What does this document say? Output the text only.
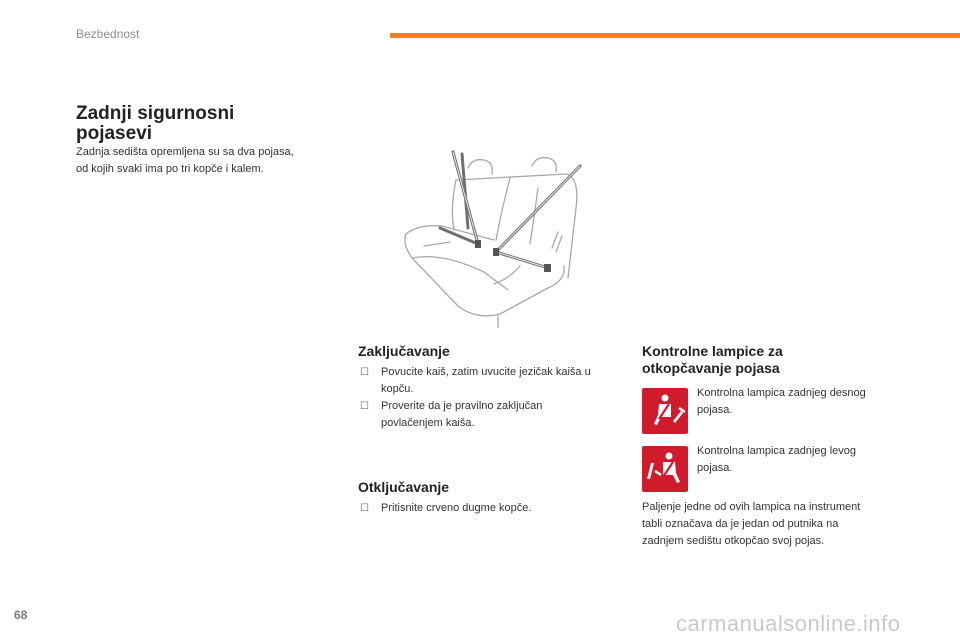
Bezbednost
Zadnji sigurnosni
pojasevi
Zadnja sedišta opremljena su sa dva pojasa,
od kojih svaki ima po tri kopče i kalem.
Zaključavanje
☐ Povucite kaiš, zatim uvucite jezičak kaiša u
kopču.
☐ Proverite da je pravilno zaključan
povlačenjem kaiša.
Otključavanje
☐ Pritisnite crveno dugme kopče.
Kontrolne lampice za
otkopčavanje pojasa
Kontrolna lampica zadnjeg desnog
pojasa.
Kontrolna lampica zadnjeg levog
pojasa.
Paljenje jedne od ovih lampica na instrument
tabli označava da je jedan od putnika na
zadnjem sedištu otkopčao svoj pojas.
68	carmanualsonline.info
